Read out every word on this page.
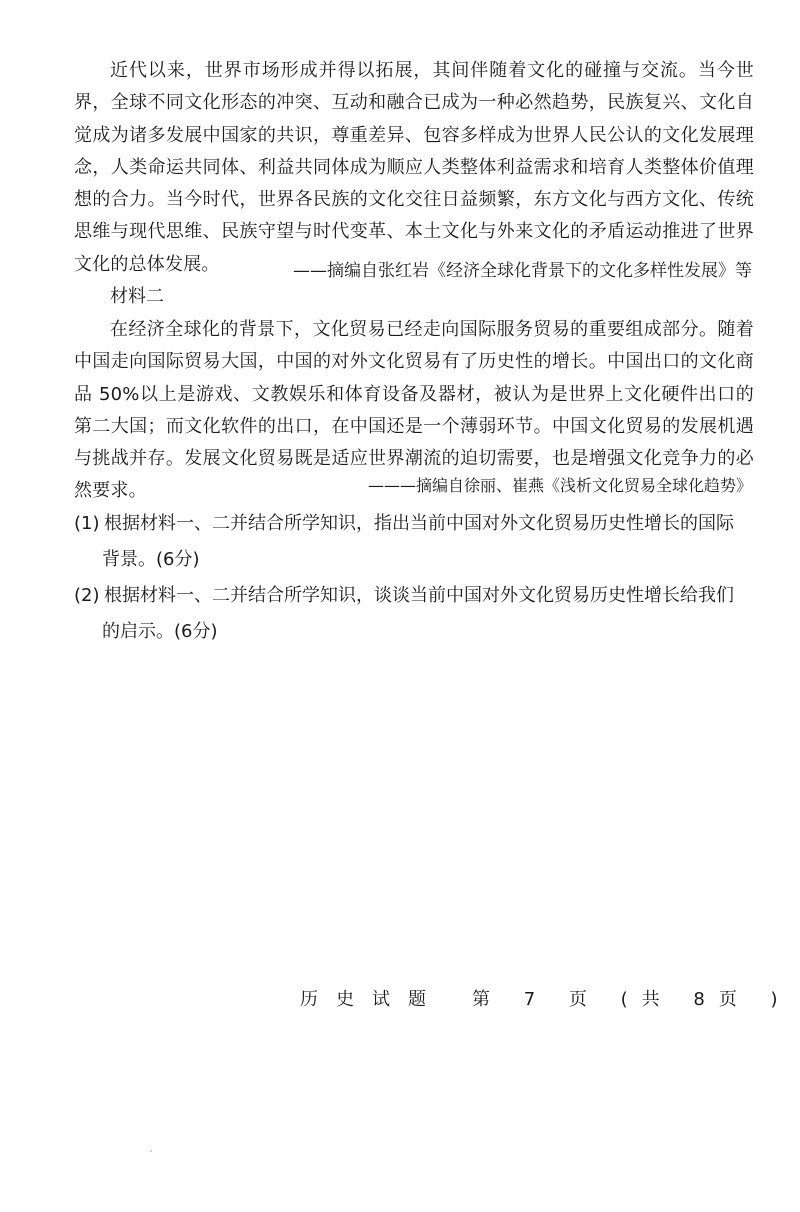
近代以来，世界市场形成并得以拓展，其间伴随着文化的碰撞与交流。当今世界，全球不同文化形态的冲突、互动和融合已成为一种必然趋势，民族复兴、文化自觉成为诸多发展中国家的共识，尊重差异、包容多样成为世界人民公认的文化发展理念，人类命运共同体、利益共同体成为顺应人类整体利益需求和培育人类整体价值理想的合力。当今时代，世界各民族的文化交往日益频繁，东方文化与西方文化、传统思维与现代思维、民族守望与时代变革、本土文化与外来文化的矛盾运动推进了世界文化的总体发展。	——摘编自张红岩《经济全球化背景下的文化多样性发展》等

材料二

在经济全球化的背景下，文化贸易已经走向国际服务贸易的重要组成部分。随着中国走向国际贸易大国，中国的对外文化贸易有了历史性的增长。中国出口的文化商品 50%以上是游戏、文教娱乐和体育设备及器材，被认为是世界上文化硬件出口的第二大国；而文化软件的出口，在中国还是一个薄弱环节。中国文化贸易的发展机遇与挑战并存。发展文化贸易既是适应世界潮流的迫切需要，也是增强文化竞争力的必然要求。	———摘编自徐丽、崔燕《浅析文化贸易全球化趋势》

(1) 根据材料一、二并结合所学知识，指出当前中国对外文化贸易历史性增长的国际
背景。(6分)
(2) 根据材料一、二并结合所学知识，谈谈当前中国对外文化贸易历史性增长给我们
的启示。(6分)

历史试题 第 7 页 (共 8页 )
